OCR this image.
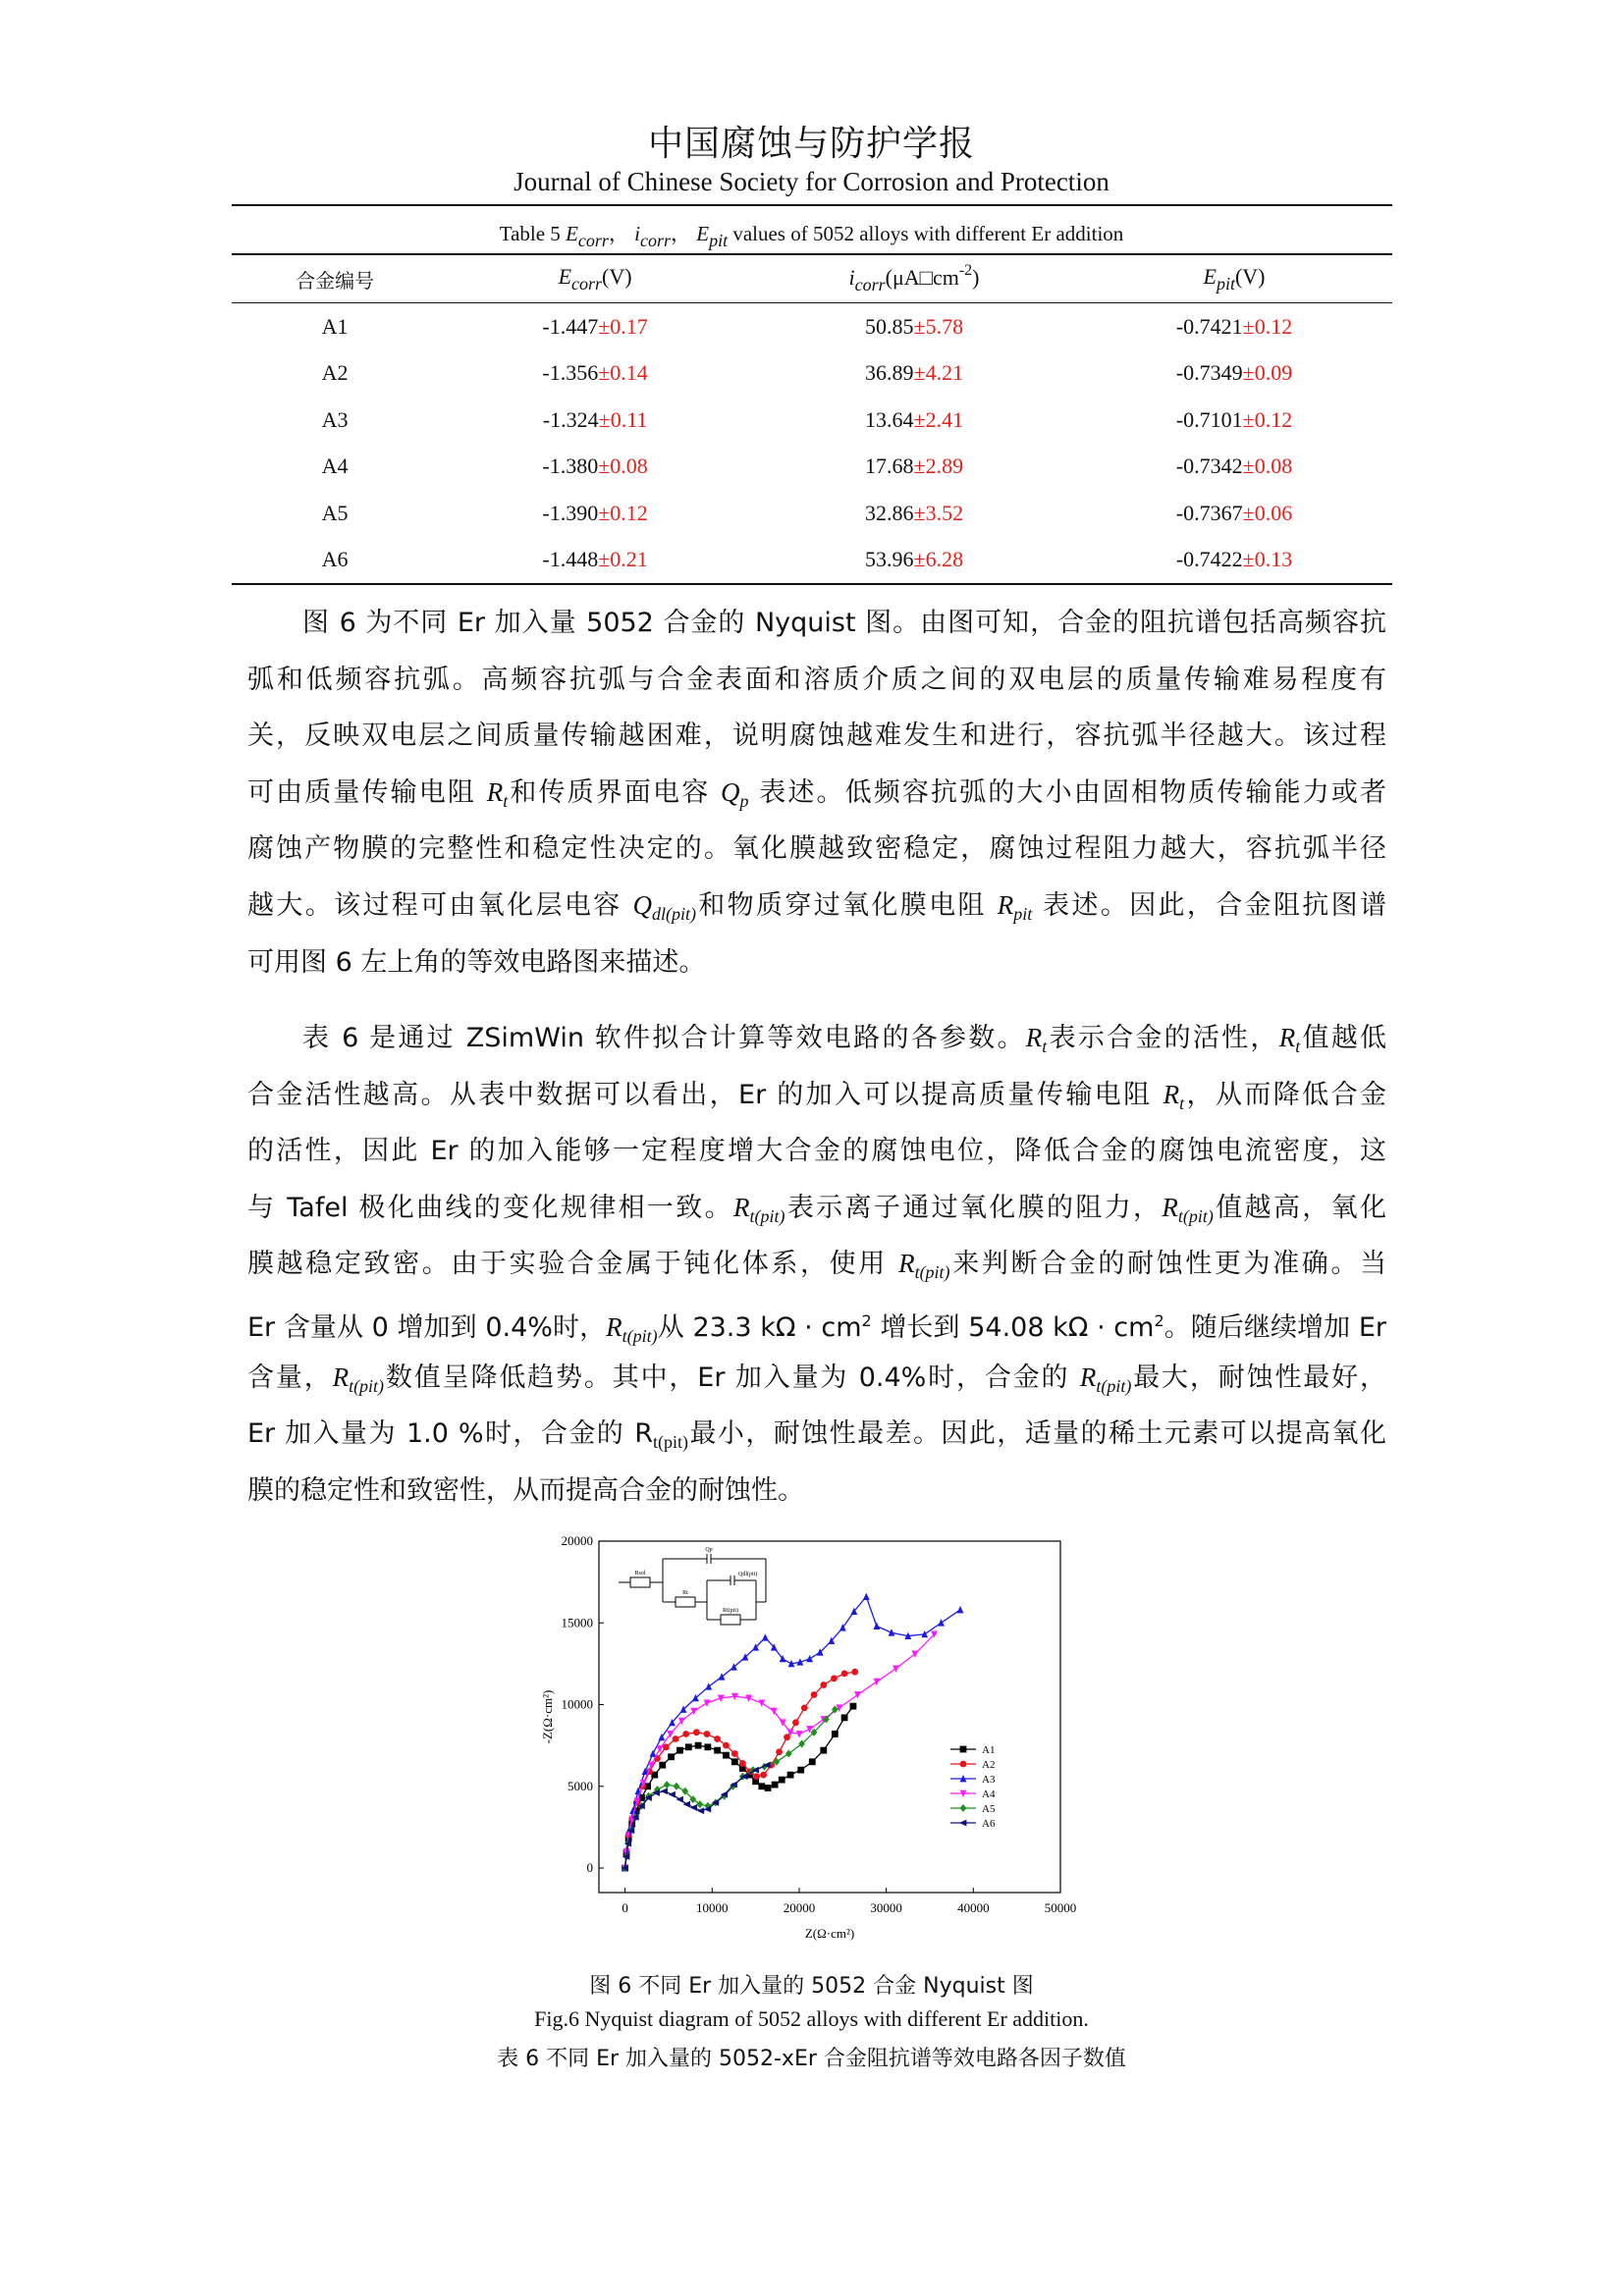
中国腐蚀与防护学报
Journal of Chinese Society for Corrosion and Protection
Table 5 Ecorr， icorr， Epit values of 5052 alloys with different Er addition
合金编号	$E_{corr}(V)$	$i_{corr}(\mu A□cm^{-2})$	$E_{pit}(V)$
A1	-1.447±0.17	50.85±5.78	-0.7421±0.12
A2	-1.356±0.14	36.89±4.21	-0.7349±0.09
A3	-1.324±0.11	13.64±2.41	-0.7101±0.12
A4	-1.380±0.08	17.68±2.89	-0.7342±0.08
A5	-1.390±0.12	32.86±3.52	-0.7367±0.06
A6	-1.448±0.21	53.96±6.28	-0.7422±0.13
图 6 为不同 Er 加入量 5052 合金的 Nyquist 图。由图可知，合金的阻抗谱包括高频容抗
弧和低频容抗弧。高频容抗弧与合金表面和溶质介质之间的双电层的质量传输难易程度有
关，反映双电层之间质量传输越困难，说明腐蚀越难发生和进行，容抗弧半径越大。该过程
可由质量传输电阻 $R_t$和传质界面电容 $Q_p$ 表述。低频容抗弧的大小由固相物质传输能力或者
腐蚀产物膜的完整性和稳定性决定的。氧化膜越致密稳定，腐蚀过程阻力越大，容抗弧半径
越大。该过程可由氧化层电容 $Q_{dl(pit)}$和物质穿过氧化膜电阻 $R_{pit}$ 表述。因此，合金阻抗图谱
可用图 6 左上角的等效电路图来描述。
表 6 是通过 ZSimWin 软件拟合计算等效电路的各参数。$R_t$表示合金的活性，$R_t$值越低
合金活性越高。从表中数据可以看出，Er 的加入可以提高质量传输电阻 $R_t$，从而降低合金
的活性，因此 Er 的加入能够一定程度增大合金的腐蚀电位，降低合金的腐蚀电流密度，这
与 Tafel 极化曲线的变化规律相一致。$R_{t(pit)}$表示离子通过氧化膜的阻力，$R_{t(pit)}$值越高，氧化
膜越稳定致密。由于实验合金属于钝化体系，使用 $R_{t(pit)}$来判断合金的耐蚀性更为准确。当
Er 含量从 0 增加到 0.4%时，$R_{t(pit)}$从 23.3 $k\Omega \cdot cm^2$ 增长到 54.08 $k\Omega \cdot cm^2$。随后继续增加 Er
含量，$R_{t(pit)}$数值呈降低趋势。其中，Er 加入量为 0.4%时，合金的 $R_{t(pit)}$最大，耐蚀性最好，
Er 加入量为 1.0 %时，合金的 $R_{t(pit)}$最小，耐蚀性最差。因此，适量的稀土元素可以提高氧化
膜的稳定性和致密性，从而提高合金的耐蚀性。
0	10000	20000	30000	40000	50000
0
5000
10000
15000
20000
Z(Ω·cm²)
-Z(Ω·cm²)
A1
A2
A3
A4
A5
A6
Rsol
Qp
Rt
Qdl(pit)
Rt(pit)
图 6 不同 Er 加入量的 5052 合金 Nyquist 图
Fig.6 Nyquist diagram of 5052 alloys with different Er addition.
表 6 不同 Er 加入量的 5052-xEr 合金阻抗谱等效电路各因子数值
